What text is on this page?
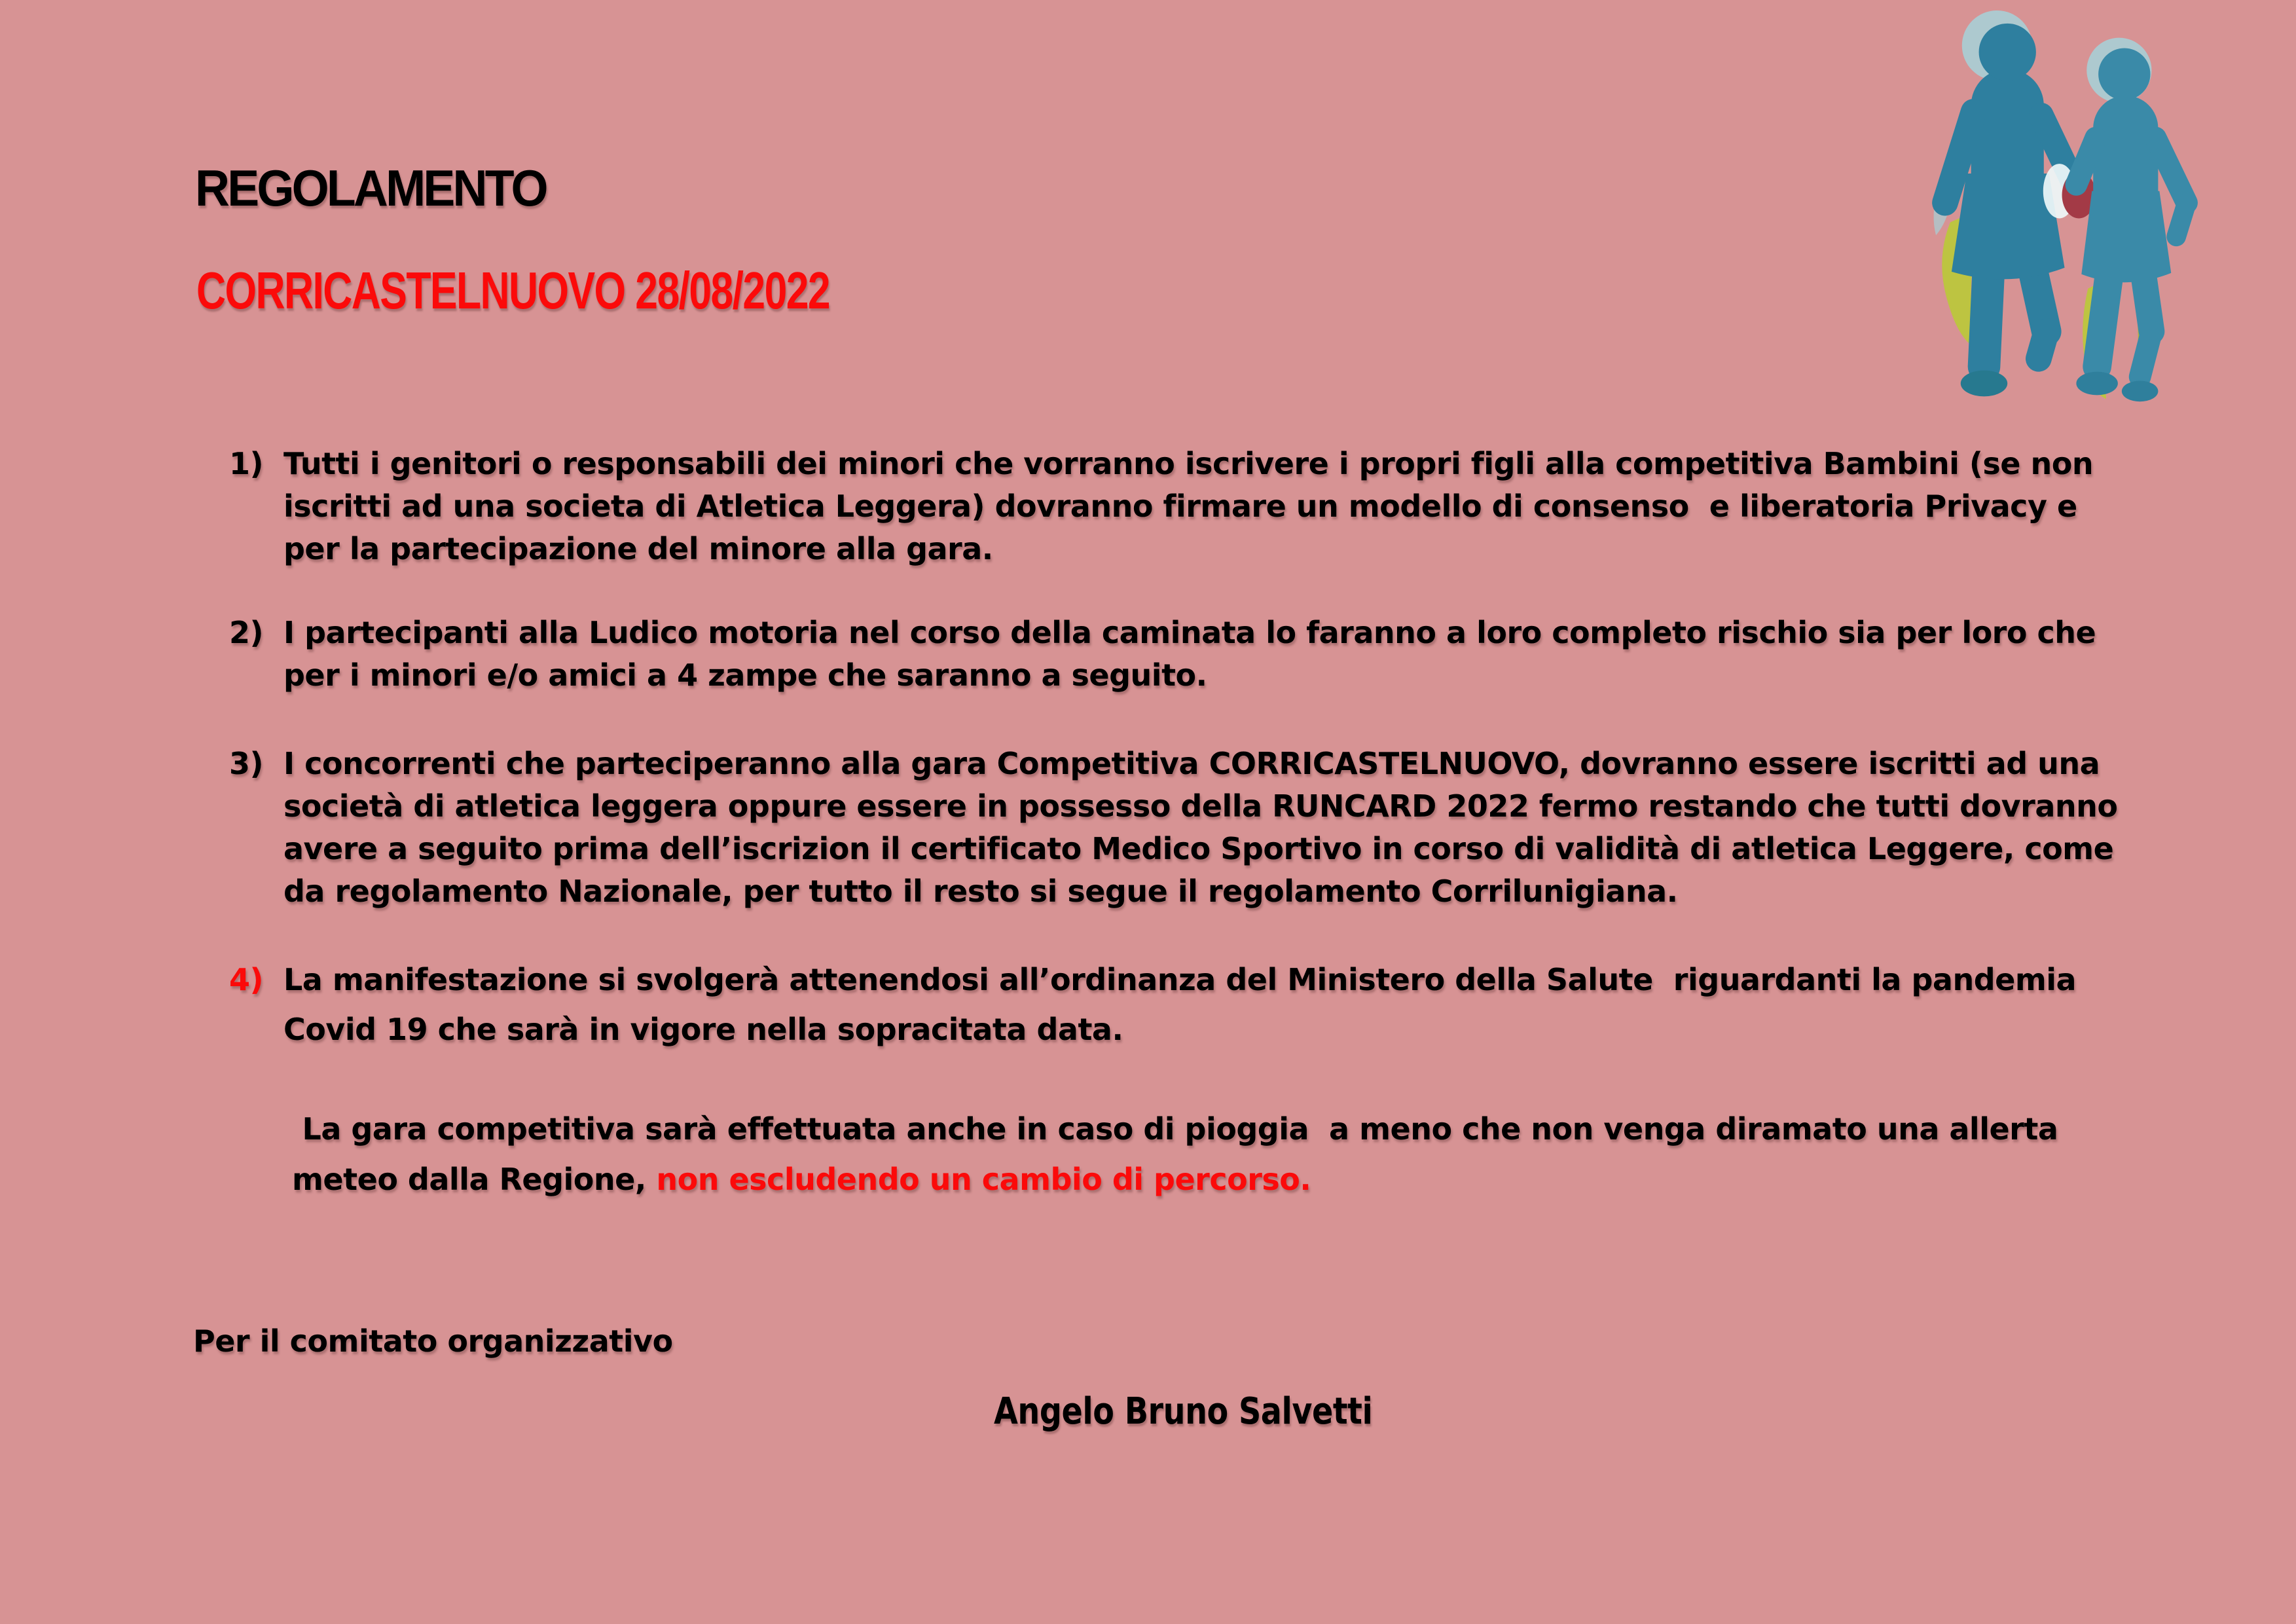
REGOLAMENTO
CORRICASTELNUOVO 28/08/2022
1) Tutti i genitori o responsabili dei minori che vorranno iscrivere i propri figli alla competitiva Bambini (se non
iscritti ad una societa di Atletica Leggera) dovranno firmare un modello di consenso  e liberatoria Privacy e
per la partecipazione del minore alla gara.
2) I partecipanti alla Ludico motoria nel corso della caminata lo faranno a loro completo rischio sia per loro che
per i minori e/o amici a 4 zampe che saranno a seguito.
3) I concorrenti che parteciperanno alla gara Competitiva CORRICASTELNUOVO, dovranno essere iscritti ad una
società di atletica leggera oppure essere in possesso della RUNCARD 2022 fermo restando che tutti dovranno
avere a seguito prima dell’iscrizion il certificato Medico Sportivo in corso di validità di atletica Leggere, come
da regolamento Nazionale, per tutto il resto si segue il regolamento Corrilunigiana.
4) La manifestazione si svolgerà attenendosi all’ordinanza del Ministero della Salute  riguardanti la pandemia
Covid 19 che sarà in vigore nella sopracitata data.
La gara competitiva sarà effettuata anche in caso di pioggia  a meno che non venga diramato una allerta
meteo dalla Regione, non escludendo un cambio di percorso.
Per il comitato organizzativo
Angelo Bruno Salvetti
